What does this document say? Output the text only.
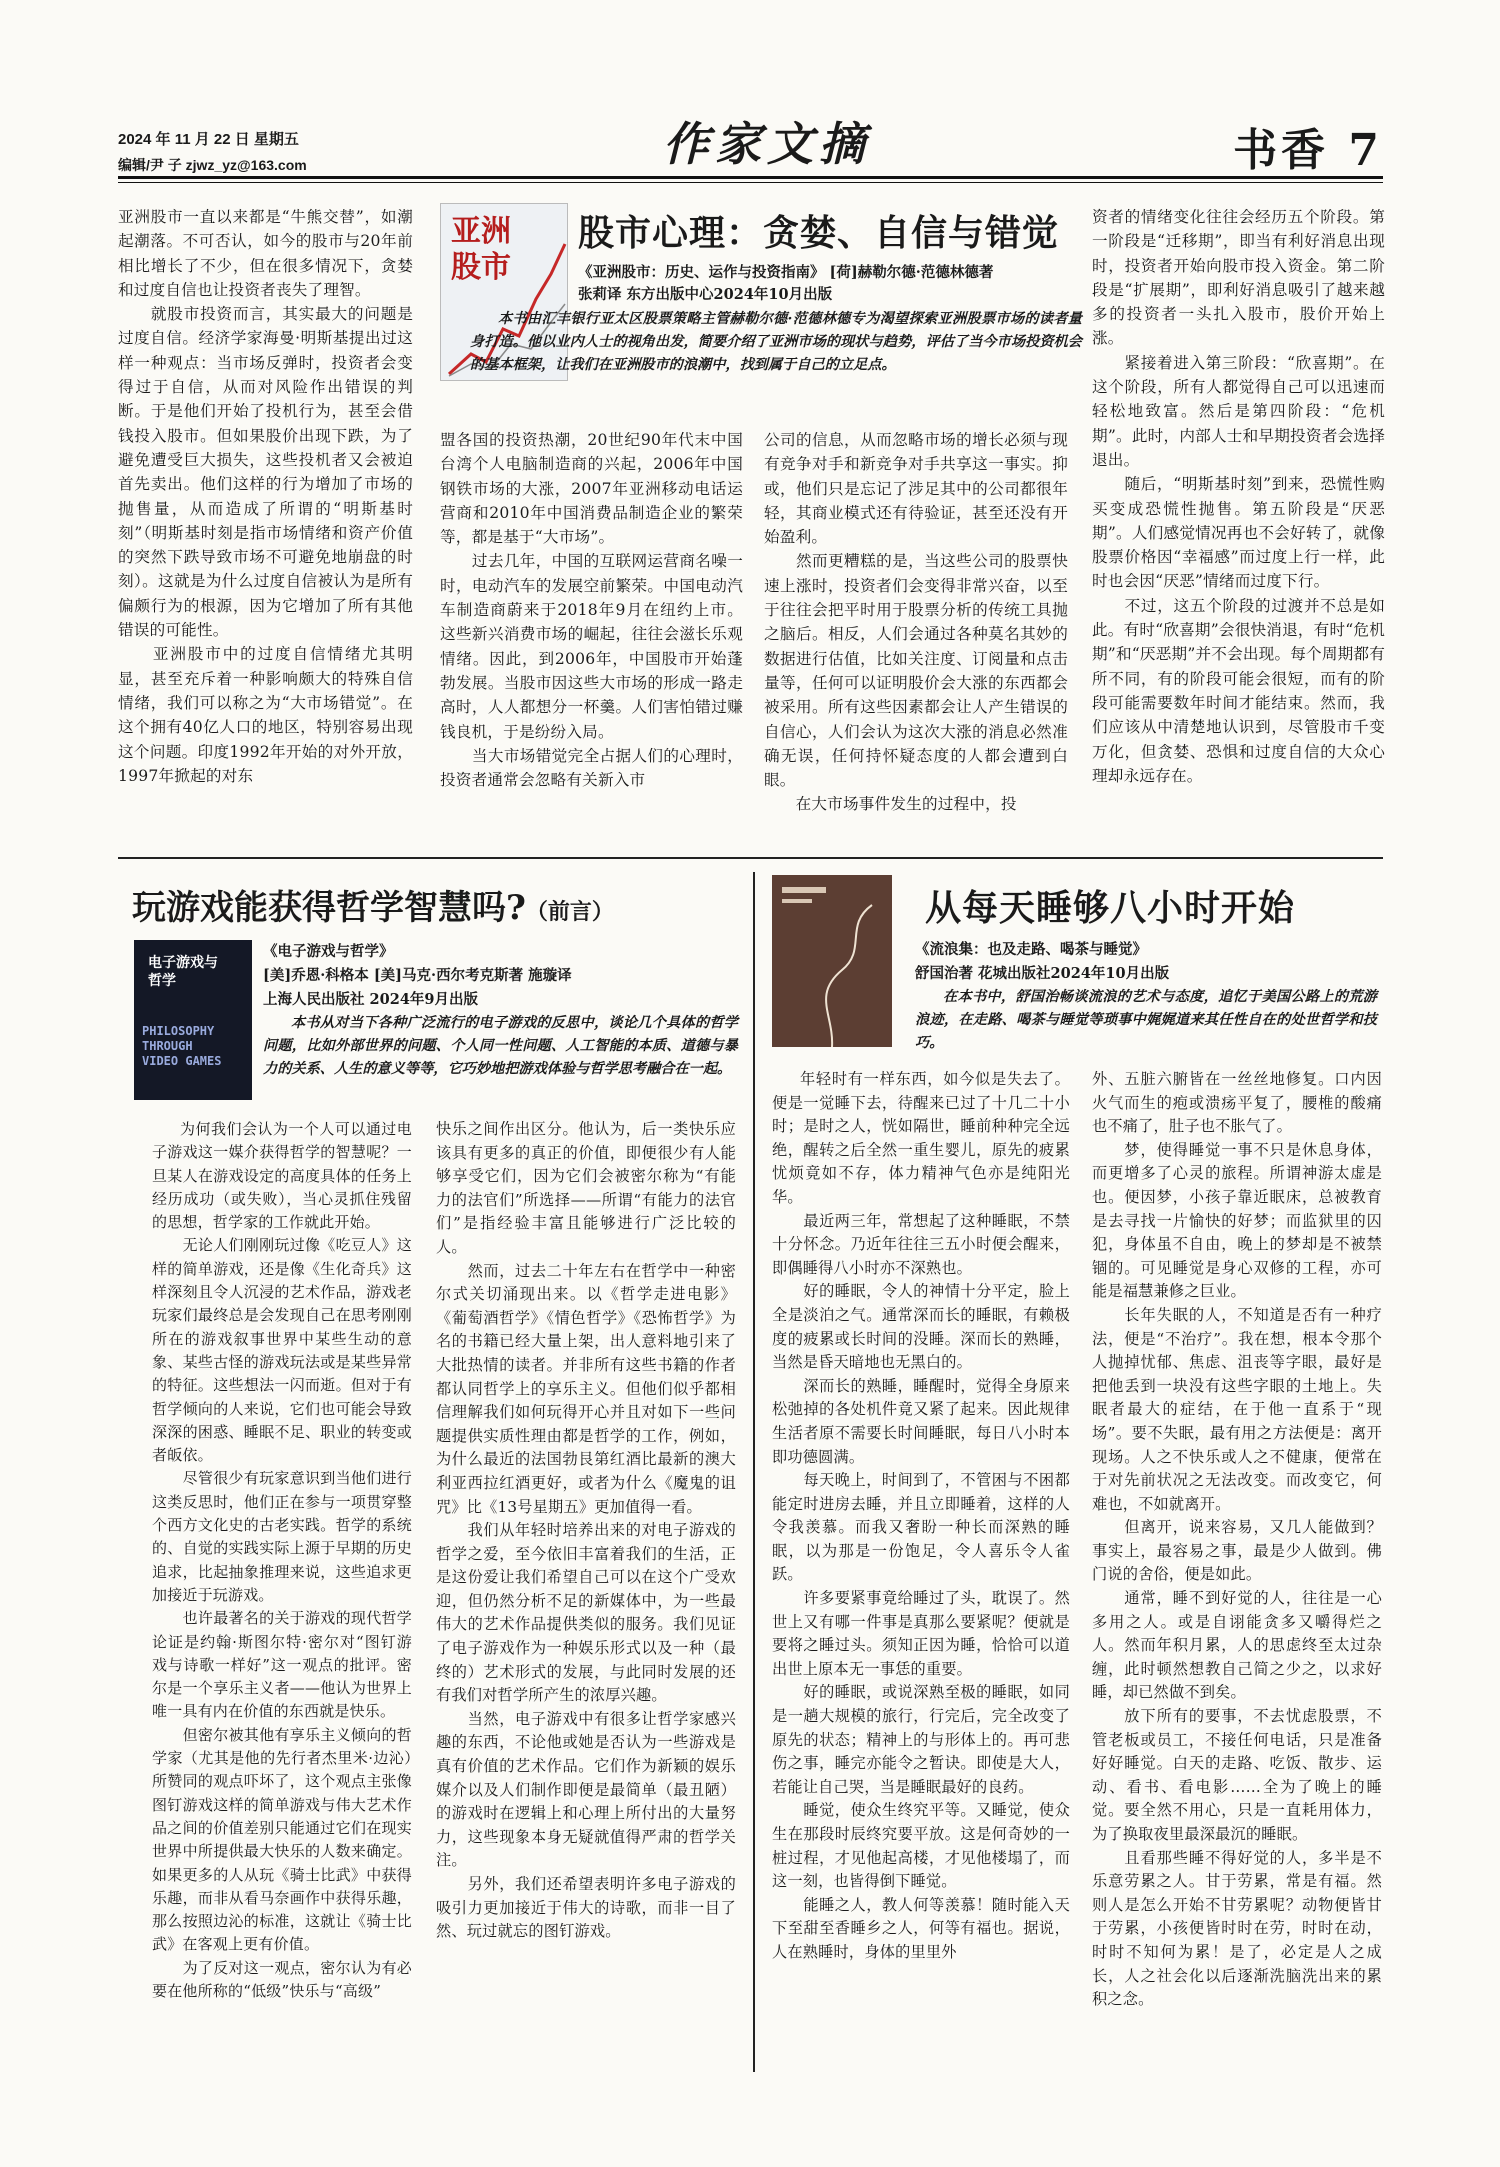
2024 年 11 月 22 日 星期五
编辑/尹 子 zjwz_yz@163.com	作家文摘	书香 7
亚洲股市一直以来都是“牛熊交替”，如潮起潮落。不可否认，如今的股市与20年前相比增长了不少，但在很多情况下，贪婪和过度自信也让投资者丧失了理智。
　　就股市投资而言，其实最大的问题是过度自信。经济学家海曼·明斯基提出过这样一种观点：当市场反弹时，投资者会变得过于自信，从而对风险作出错误的判断。于是他们开始了投机行为，甚至会借钱投入股市。但如果股价出现下跌，为了避免遭受巨大损失，这些投机者又会被迫首先卖出。他们这样的行为增加了市场的抛售量，从而造成了所谓的“明斯基时刻”（明斯基时刻是指市场情绪和资产价值的突然下跌导致市场不可避免地崩盘的时刻）。这就是为什么过度自信被认为是所有偏颇行为的根源，因为它增加了所有其他错误的可能性。
　　亚洲股市中的过度自信情绪尤其明显，甚至充斥着一种影响颇大的特殊自信情绪，我们可以称之为“大市场错觉”。在这个拥有40亿人口的地区，特别容易出现这个问题。印度1992年开始的对外开放，1997年掀起的对东
亚洲
股市
股市心理：贪婪、自信与错觉
《亚洲股市：历史、运作与投资指南》 [荷]赫勒尔德·范德林德著
张莉译 东方出版中心2024年10月出版
本书由汇丰银行亚太区股票策略主管赫勒尔德·范德林德专为渴望探索亚洲股票市场的读者量身打造。他以业内人士的视角出发，简要介绍了亚洲市场的现状与趋势，评估了当今市场投资机会的基本框架，让我们在亚洲股市的浪潮中，找到属于自己的立足点。
盟各国的投资热潮，20世纪90年代末中国台湾个人电脑制造商的兴起，2006年中国钢铁市场的大涨，2007年亚洲移动电话运营商和2010年中国消费品制造企业的繁荣等，都是基于“大市场”。
　　过去几年，中国的互联网运营商名噪一时，电动汽车的发展空前繁荣。中国电动汽车制造商蔚来于2018年9月在纽约上市。这些新兴消费市场的崛起，往往会滋长乐观情绪。因此，到2006年，中国股市开始蓬勃发展。当股市因这些大市场的形成一路走高时，人人都想分一杯羹。人们害怕错过赚钱良机，于是纷纷入局。
　　当大市场错觉完全占据人们的心理时，投资者通常会忽略有关新入市
公司的信息，从而忽略市场的增长必须与现有竞争对手和新竞争对手共享这一事实。抑或，他们只是忘记了涉足其中的公司都很年轻，其商业模式还有待验证，甚至还没有开始盈利。
　　然而更糟糕的是，当这些公司的股票快速上涨时，投资者们会变得非常兴奋，以至于往往会把平时用于股票分析的传统工具抛之脑后。相反，人们会通过各种莫名其妙的数据进行估值，比如关注度、订阅量和点击量等，任何可以证明股价会大涨的东西都会被采用。所有这些因素都会让人产生错误的自信心，人们会认为这次大涨的消息必然准确无误，任何持怀疑态度的人都会遭到白眼。
　　在大市场事件发生的过程中，投
资者的情绪变化往往会经历五个阶段。第一阶段是“迁移期”，即当有利好消息出现时，投资者开始向股市投入资金。第二阶段是“扩展期”，即利好消息吸引了越来越多的投资者一头扎入股市，股价开始上涨。
　　紧接着进入第三阶段：“欣喜期”。在这个阶段，所有人都觉得自己可以迅速而轻松地致富。然后是第四阶段：“危机期”。此时，内部人士和早期投资者会选择退出。
　　随后，“明斯基时刻”到来，恐慌性购买变成恐慌性抛售。第五阶段是“厌恶期”。人们感觉情况再也不会好转了，就像股票价格因“幸福感”而过度上行一样，此时也会因“厌恶”情绪而过度下行。
　　不过，这五个阶段的过渡并不总是如此。有时“欣喜期”会很快消退，有时“危机期”和“厌恶期”并不会出现。每个周期都有所不同，有的阶段可能会很短，而有的阶段可能需要数年时间才能结束。然而，我们应该从中清楚地认识到，尽管股市千变万化，但贪婪、恐惧和过度自信的大众心理却永远存在。
玩游戏能获得哲学智慧吗?（前言）
电子游戏与
哲学
PHILOSOPHY
THROUGH
VIDEO GAMES
《电子游戏与哲学》
[美]乔恩·科格本 [美]马克·西尔考克斯著 施璇译
上海人民出版社 2024年9月出版
本书从对当下各种广泛流行的电子游戏的反思中，谈论几个具体的哲学问题，比如外部世界的问题、个人同一性问题、人工智能的本质、道德与暴力的关系、人生的意义等等，它巧妙地把游戏体验与哲学思考融合在一起。
为何我们会认为一个人可以通过电子游戏这一媒介获得哲学的智慧呢？一旦某人在游戏设定的高度具体的任务上经历成功（或失败），当心灵抓住残留的思想，哲学家的工作就此开始。
　　无论人们刚刚玩过像《吃豆人》这样的简单游戏，还是像《生化奇兵》这样深刻且令人沉浸的艺术作品，游戏老玩家们最终总是会发现自己在思考刚刚所在的游戏叙事世界中某些生动的意象、某些古怪的游戏玩法或是某些异常的特征。这些想法一闪而逝。但对于有哲学倾向的人来说，它们也可能会导致深深的困惑、睡眠不足、职业的转变或者皈依。
　　尽管很少有玩家意识到当他们进行这类反思时，他们正在参与一项贯穿整个西方文化史的古老实践。哲学的系统的、自觉的实践实际上源于早期的历史追求，比起抽象推理来说，这些追求更加接近于玩游戏。
　　也许最著名的关于游戏的现代哲学论证是约翰·斯图尔特·密尔对“图钉游戏与诗歌一样好”这一观点的批评。密尔是一个享乐主义者——他认为世界上唯一具有内在价值的东西就是快乐。
　　但密尔被其他有享乐主义倾向的哲学家（尤其是他的先行者杰里米·边沁）所赞同的观点吓坏了，这个观点主张像图钉游戏这样的简单游戏与伟大艺术作品之间的价值差别只能通过它们在现实世界中所提供最大快乐的人数来确定。如果更多的人从玩《骑士比武》中获得乐趣，而非从看马奈画作中获得乐趣，那么按照边沁的标准，这就让《骑士比武》在客观上更有价值。
　　为了反对这一观点，密尔认为有必要在他所称的“低级”快乐与“高级”
快乐之间作出区分。他认为，后一类快乐应该具有更多的真正的价值，即便很少有人能够享受它们，因为它们会被密尔称为“有能力的法官们”所选择——所谓“有能力的法官们”是指经验丰富且能够进行广泛比较的人。
　　然而，过去二十年左右在哲学中一种密尔式关切涌现出来。以《哲学走进电影》《葡萄酒哲学》《情色哲学》《恐怖哲学》为名的书籍已经大量上架，出人意料地引来了大批热情的读者。并非所有这些书籍的作者都认同哲学上的享乐主义。但他们似乎都相信理解我们如何玩得开心并且对如下一些问题提供实质性理由都是哲学的工作，例如，为什么最近的法国勃艮第红酒比最新的澳大利亚西拉红酒更好，或者为什么《魔鬼的诅咒》比《13号星期五》更加值得一看。
　　我们从年轻时培养出来的对电子游戏的哲学之爱，至今依旧丰富着我们的生活，正是这份爱让我们希望自己可以在这个广受欢迎，但仍然分析不足的新媒体中，为一些最伟大的艺术作品提供类似的服务。我们见证了电子游戏作为一种娱乐形式以及一种（最终的）艺术形式的发展，与此同时发展的还有我们对哲学所产生的浓厚兴趣。
　　当然，电子游戏中有很多让哲学家感兴趣的东西，不论他或她是否认为一些游戏是真有价值的艺术作品。它们作为新颖的娱乐媒介以及人们制作即便是最简单（最丑陋）的游戏时在逻辑上和心理上所付出的大量努力，这些现象本身无疑就值得严肃的哲学关注。
　　另外，我们还希望表明许多电子游戏的吸引力更加接近于伟大的诗歌，而非一目了然、玩过就忘的图钉游戏。
从每天睡够八小时开始
《流浪集：也及走路、喝茶与睡觉》
舒国治著 花城出版社2024年10月出版
在本书中，舒国治畅谈流浪的艺术与态度，追忆于美国公路上的荒游浪迹，在走路、喝茶与睡觉等琐事中娓娓道来其任性自在的处世哲学和技巧。
年轻时有一样东西，如今似是失去了。便是一觉睡下去，待醒来已过了十几二十小时；是时之人，恍如隔世，睡前种种完全远绝，醒转之后全然一重生婴儿，原先的疲累忧烦竟如不存，体力精神气色亦是纯阳光华。
　　最近两三年，常想起了这种睡眠，不禁十分怀念。乃近年往往三五小时便会醒来，即偶睡得八小时亦不深熟也。
　　好的睡眠，令人的神情十分平定，脸上全是淡泊之气。通常深而长的睡眠，有赖极度的疲累或长时间的没睡。深而长的熟睡，当然是昏天暗地也无黑白的。
　　深而长的熟睡，睡醒时，觉得全身原来松弛掉的各处机件竟又紧了起来。因此规律生活者原不需要长时间睡眠，每日八小时本即功德圆满。
　　每天晚上，时间到了，不管困与不困都能定时进房去睡，并且立即睡着，这样的人令我羡慕。而我又奢盼一种长而深熟的睡眠，以为那是一份饱足，令人喜乐令人雀跃。
　　许多要紧事竟给睡过了头，耽误了。然世上又有哪一件事是真那么要紧呢？便就是要将之睡过头。须知正因为睡，恰恰可以道出世上原本无一事恁的重要。
　　好的睡眠，或说深熟至极的睡眠，如同是一趟大规模的旅行，行完后，完全改变了原先的状态；精神上的与形体上的。再可悲伤之事，睡完亦能令之暂诀。即使是大人，若能让自己哭，当是睡眠最好的良药。
　　睡觉，使众生终究平等。又睡觉，使众生在那段时辰终究要平放。这是何奇妙的一桩过程，才见他起高楼，才见他楼塌了，而这一刻，也皆得倒下睡觉。
　　能睡之人，教人何等羡慕！随时能入天下至甜至香睡乡之人，何等有福也。据说，人在熟睡时，身体的里里外
外、五脏六腑皆在一丝丝地修复。口内因火气而生的疱或溃疡平复了，腰椎的酸痛也不痛了，肚子也不胀气了。
　　梦，使得睡觉一事不只是休息身体，而更增多了心灵的旅程。所谓神游太虚是也。便因梦，小孩子靠近眠床，总被教育是去寻找一片愉快的好梦；而监狱里的囚犯，身体虽不自由，晚上的梦却是不被禁锢的。可见睡觉是身心双修的工程，亦可能是福慧兼修之巨业。
　　长年失眠的人，不知道是否有一种疗法，便是“不治疗”。我在想，根本令那个人抛掉忧郁、焦虑、沮丧等字眼，最好是把他丢到一块没有这些字眼的土地上。失眠者最大的症结，在于他一直系于“现场”。要不失眠，最有用之方法便是：离开现场。人之不快乐或人之不健康，便常在于对先前状况之无法改变。而改变它，何难也，不如就离开。
　　但离开，说来容易，又几人能做到？事实上，最容易之事，最是少人做到。佛门说的舍俗，便是如此。
　　通常，睡不到好觉的人，往往是一心多用之人。或是自诩能贪多又嚼得烂之人。然而年积月累，人的思虑终至太过杂缠，此时顿然想教自己简之少之，以求好睡，却已然做不到矣。
　　放下所有的要事，不去忧虑股票，不管老板或员工，不接任何电话，只是准备好好睡觉。白天的走路、吃饭、散步、运动、看书、看电影……全为了晚上的睡觉。要全然不用心，只是一直耗用体力，为了换取夜里最深最沉的睡眠。
　　且看那些睡不得好觉的人，多半是不乐意劳累之人。甘于劳累，常是有福。然则人是怎么开始不甘劳累呢？动物便皆甘于劳累，小孩便皆时时在劳，时时在动，时时不知何为累！是了，必定是人之成长，人之社会化以后逐渐洗脑洗出来的累积之念。
